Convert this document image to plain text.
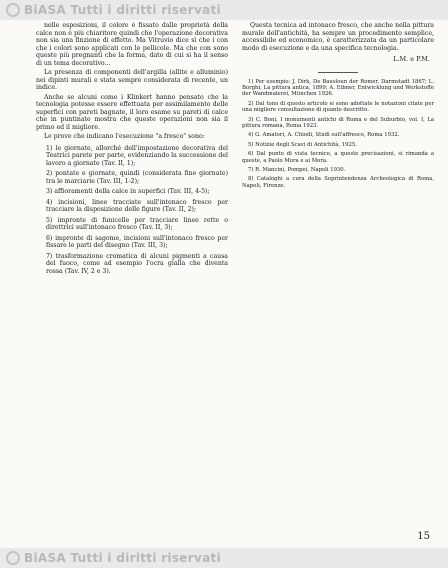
BiASA Tutti i diritti riservati

nelle esposizioni, il colore è fissato dalle proprietà della calce non è più chiaritore quindi che l'operazione decorativa non sia una finzione di effetto. Ma Vitruvio dice sì che i con che i colori sono applicati con le pellicole. Ma che con sono queste più pregnanti che la forma, dato di cui si ha il senso di un tema decorativo...

La presenza di componenti dell'argilla (allite e alluminio) nei dipinti murali e stata sempre considerata di recente, un indice.

Anche se alcuni come i Klinkert hanno pensato che la tecnologia potesse essere effettuata per assimilamento delle superfici con pareti bagnate, il loro esame su pareti di calce che in puntinate mostra che queste operazioni non sia il primo ed il migliore.

Le prove che indicano l'esecuzione "a fresco" sono:

1) le giornate, allorché dell'impostazione decorativa del Teatrici parete per parte, evidenziando la successione del lavoro a giornate (Tav. II, 1);
2) pontate e giornate, quindi (considerata fine giornate) tra le marciarie (Tav. III, 1-2);
3) affioramenti della calce in superfici (Tav. III, 4-5);
4) incisioni, linee tracciate sull'intonaco fresco per tracciare la disposizione delle figure (Tav. II, 2);
5) impronte di funicelle per tracciare linee rette o direttrici sull'intonaco fresco (Tav. II, 3);
6) impronte di sagome, incisioni sull'intonaco fresco per fissare le parti del disegno (Tav. III, 3);
7) trasformazione cromatica di alcuni pigmenti a causa del fuoco, come ad esempio l'ocra gialla che diventa rossa (Tav. IV, 2 e 3).

Questa tecnica ad intonaco fresco, che anche nella pittura murale dell'antichità, ha sempre un procedimento semplice, accessibile ed economico, è caratterizzata da un particolare modo di esecuzione e da una specifica tecnologia.

L.M. e P.M.

1) Per esempio: J. Dirk, De Bausloun der Romer, Darmstadt 1867; L. Borghi, La pittura antica, 1899; A. Eibner, Entwicklung und Werkstoffe der Wandmalerei, München 1926.

2) Dal tono di questo articolo si sono adottate le notazioni citate per una migliore consultazione di quanto descritto.

3) C. Boni, I monumenti antichi di Roma e del Suburbio, vol. I, La pittura romana, Roma 1923.

4) G. Amatori, A. Chiodi, Studi sull'affresco, Roma 1932.

5) Notizie degli Scavi di Antichità, 1925.

6) Dal punto di vista tecnico, a queste precisazioni, si rimanda a queste, a Paolo Mora e ai Mora.

7) R. Mancini, Pompei, Napoli 1930.

8) Cataloghi a cura della Soprintendenza Archeologica di Roma, Napoli, Firenze.

15
BiASA Tutti i diritti riservati
